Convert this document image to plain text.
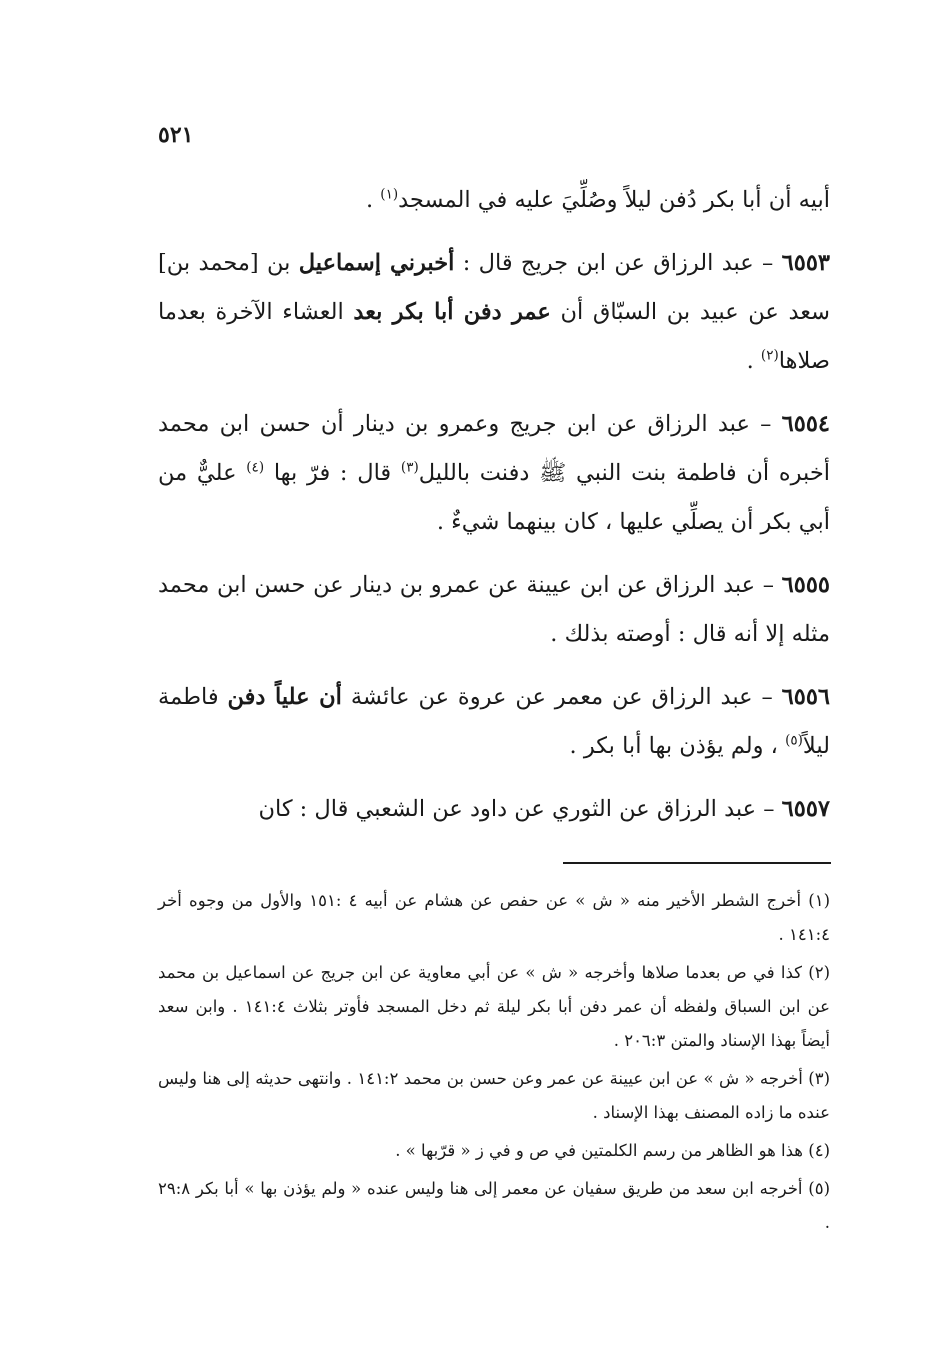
٥٢١

أبيه أن أبا بكر دُفن ليلاً وصُلِّيَ عليه في المسجد$^{(١)}$ .

٦٥٥٣ – عبد الرزاق عن ابن جريج قال : أخبرني إسماعيل بن [محمد بن] سعد عن عبيد بن السبّاق أن عمر دفن أبا بكر بعد العشاء الآخرة بعدما صلاها$^{(٢)}$ .

٦٥٥٤ – عبد الرزاق عن ابن جريج وعمرو بن دينار أن حسن ابن محمد أخبره أن فاطمة بنت النبي ﷺ دفنت بالليل$^{(٣)}$ قال : فرّ بها $^{(٤)}$ عليٌّ من أبي بكر أن يصلِّي عليها ، كان بينهما شيءٌ .

٦٥٥٥ – عبد الرزاق عن ابن عيينة عن عمرو بن دينار عن حسن ابن محمد مثله إلا أنه قال : أوصته بذلك .

٦٥٥٦ – عبد الرزاق عن معمر عن عروة عن عائشة أن علياً دفن فاطمة ليلاً$^{(٥)}$ ، ولم يؤذن بها أبا بكر .

٦٥٥٧ – عبد الرزاق عن الثوري عن داود عن الشعبي قال : كان

(١) أخرج الشطر الأخير منه « ش » عن حفص عن هشام عن أبيه ٤ :١٥١ والأول من وجوه أخر ١٤١:٤ .

(٢) كذا في ص بعدما صلاها وأخرجه « ش » عن أبي معاوية عن ابن جريج عن اسماعيل بن محمد عن ابن السباق ولفظه أن عمر دفن أبا بكر ليلة ثم دخل المسجد فأوتر بثلاث ١٤١:٤ . وابن سعد أيضاً بهذا الإسناد والمتن ٢٠٦:٣ .

(٣) أخرجه « ش » عن ابن عيينة عن عمر وعن حسن بن محمد ١٤١:٢ . وانتهى حديثه إلى هنا وليس عنده ما زاده المصنف بهذا الإسناد .

(٤) هذا هو الظاهر من رسم الكلمتين في ص و في ز « قرّبها » .

(٥) أخرجه ابن سعد من طريق سفيان عن معمر إلى هنا وليس عنده « ولم يؤذن بها » أبا بكر ٢٩:٨ .
